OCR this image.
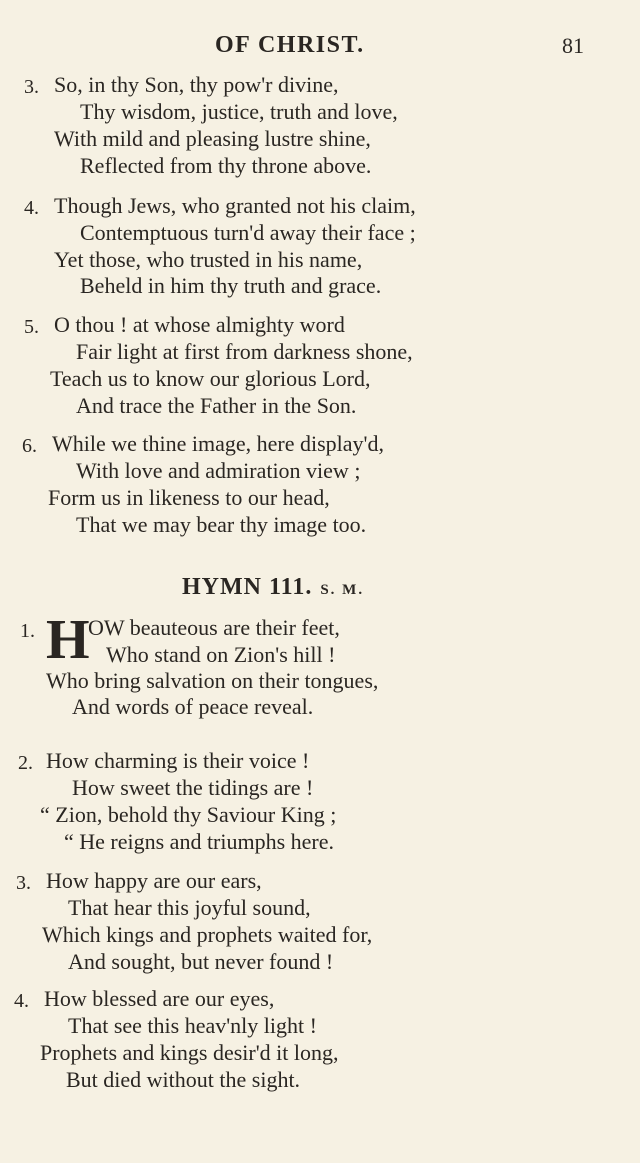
OF CHRIST.	81
3. So, in thy Son, thy pow'r divine,
Thy wisdom, justice, truth and love,
With mild and pleasing lustre shine,
Reflected from thy throne above.
4. Though Jews, who granted not his claim,
Contemptuous turn'd away their face ;
Yet those, who trusted in his name,
Beheld in him thy truth and grace.
5. O thou ! at whose almighty word
Fair light at first from darkness shone,
Teach us to know our glorious Lord,
And trace the Father in the Son.
6. While we thine image, here display'd,
With love and admiration view ;
Form us in likeness to our head,
That we may bear thy image too.
HYMN 111. S. M.
1. H
OW beauteous are their feet,
Who stand on Zion's hill !
Who bring salvation on their tongues,
And words of peace reveal.
2. How charming is their voice !
How sweet the tidings are !
“ Zion, behold thy Saviour King ;
“ He reigns and triumphs here.
3. How happy are our ears,
That hear this joyful sound,
Which kings and prophets waited for,
And sought, but never found !
4. How blessed are our eyes,
That see this heav'nly light !
Prophets and kings desir'd it long,
But died without the sight.
